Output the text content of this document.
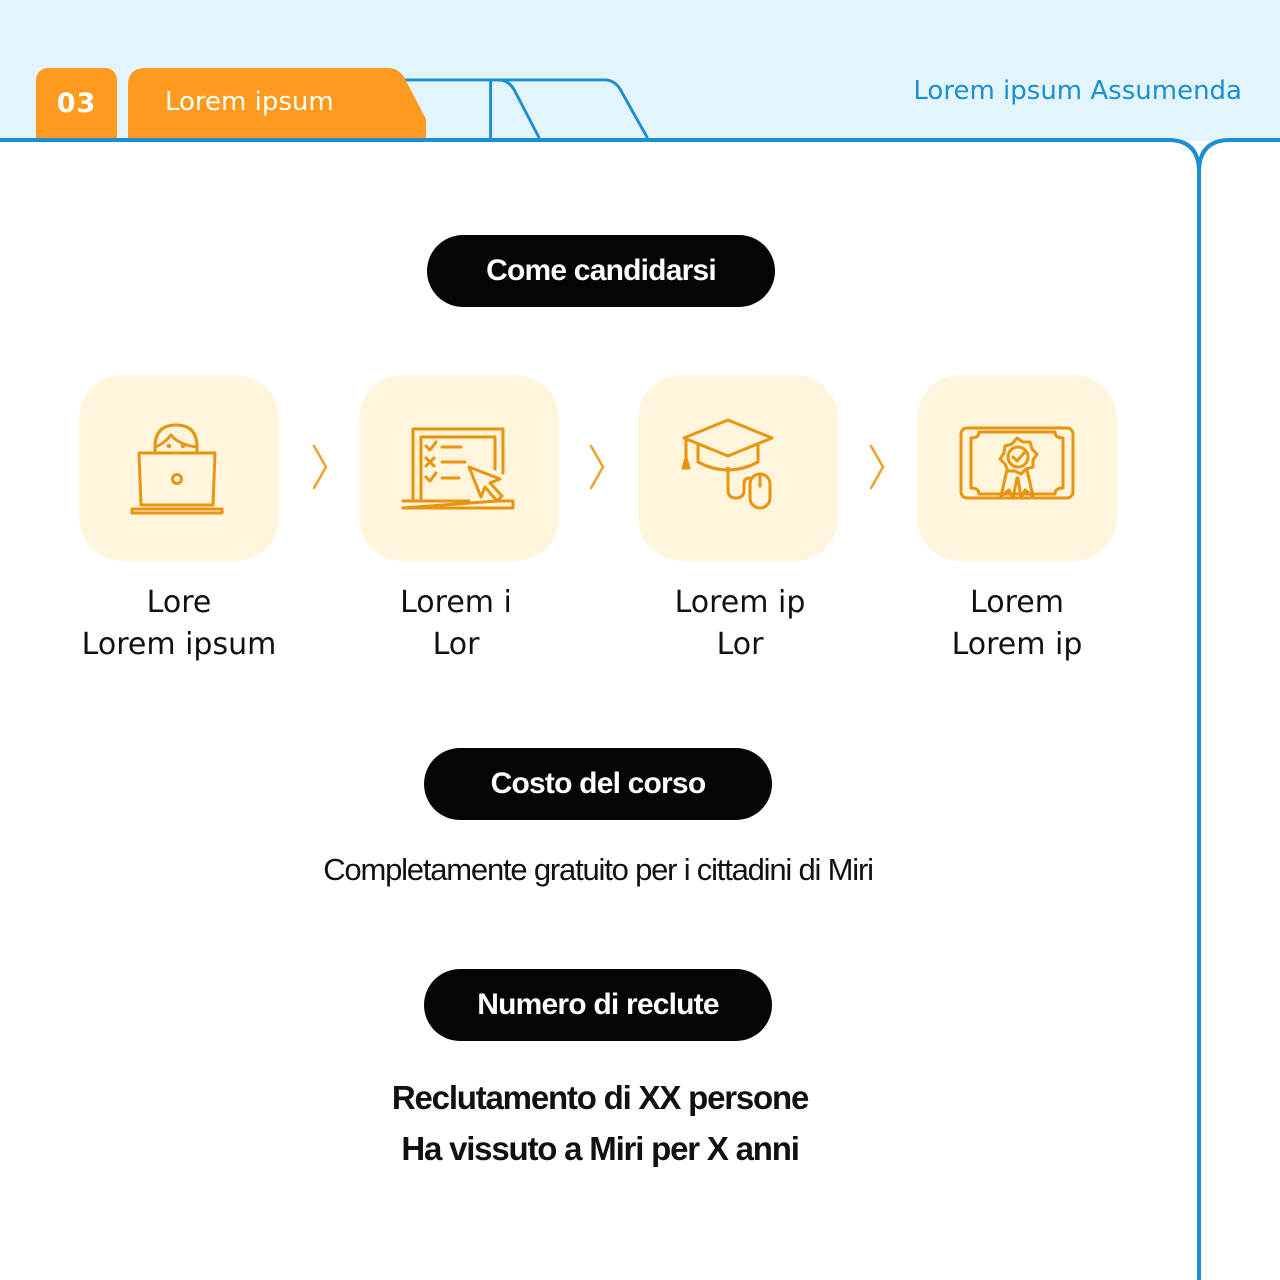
Lorem ipsum
03	Lorem ipsum Assumenda
Come candidarsi
Lore
Lorem ipsum
Lorem i
Lor
Lorem ip
Lor
Lorem
Lorem ip
Costo del corso
Completamente gratuito per i cittadini di Miri
Numero di reclute
Reclutamento di XX persone
Ha vissuto a Miri per X anni
